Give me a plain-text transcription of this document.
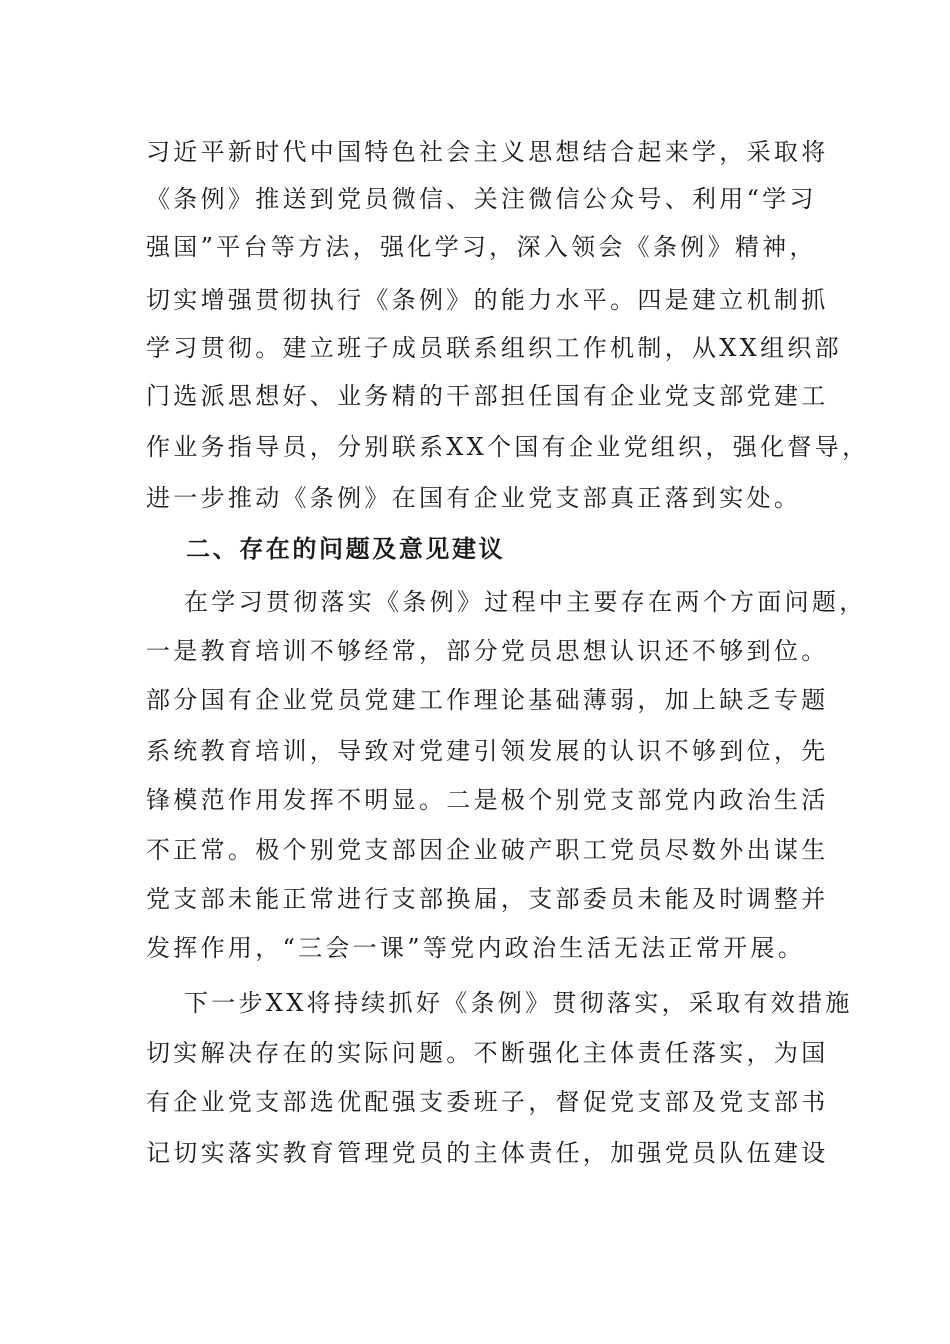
习近平新时代中国特色社会主义思想结合起来学，采取将
《条例》推送到党员微信、关注微信公众号、利用“学习
强国”平台等方法，强化学习，深入领会《条例》精神，
切实增强贯彻执行《条例》的能力水平。四是建立机制抓
学习贯彻。建立班子成员联系组织工作机制，从XX组织部
门选派思想好、业务精的干部担任国有企业党支部党建工
作业务指导员，分别联系XX个国有企业党组织，强化督导，
进一步推动《条例》在国有企业党支部真正落到实处。
二、存在的问题及意见建议
在学习贯彻落实《条例》过程中主要存在两个方面问题，
一是教育培训不够经常，部分党员思想认识还不够到位。
部分国有企业党员党建工作理论基础薄弱，加上缺乏专题
系统教育培训，导致对党建引领发展的认识不够到位，先
锋模范作用发挥不明显。二是极个别党支部党内政治生活
不正常。极个别党支部因企业破产职工党员尽数外出谋生
党支部未能正常进行支部换届，支部委员未能及时调整并
发挥作用，“三会一课”等党内政治生活无法正常开展。
下一步XX将持续抓好《条例》贯彻落实，采取有效措施
切实解决存在的实际问题。不断强化主体责任落实，为国
有企业党支部选优配强支委班子，督促党支部及党支部书
记切实落实教育管理党员的主体责任，加强党员队伍建设
